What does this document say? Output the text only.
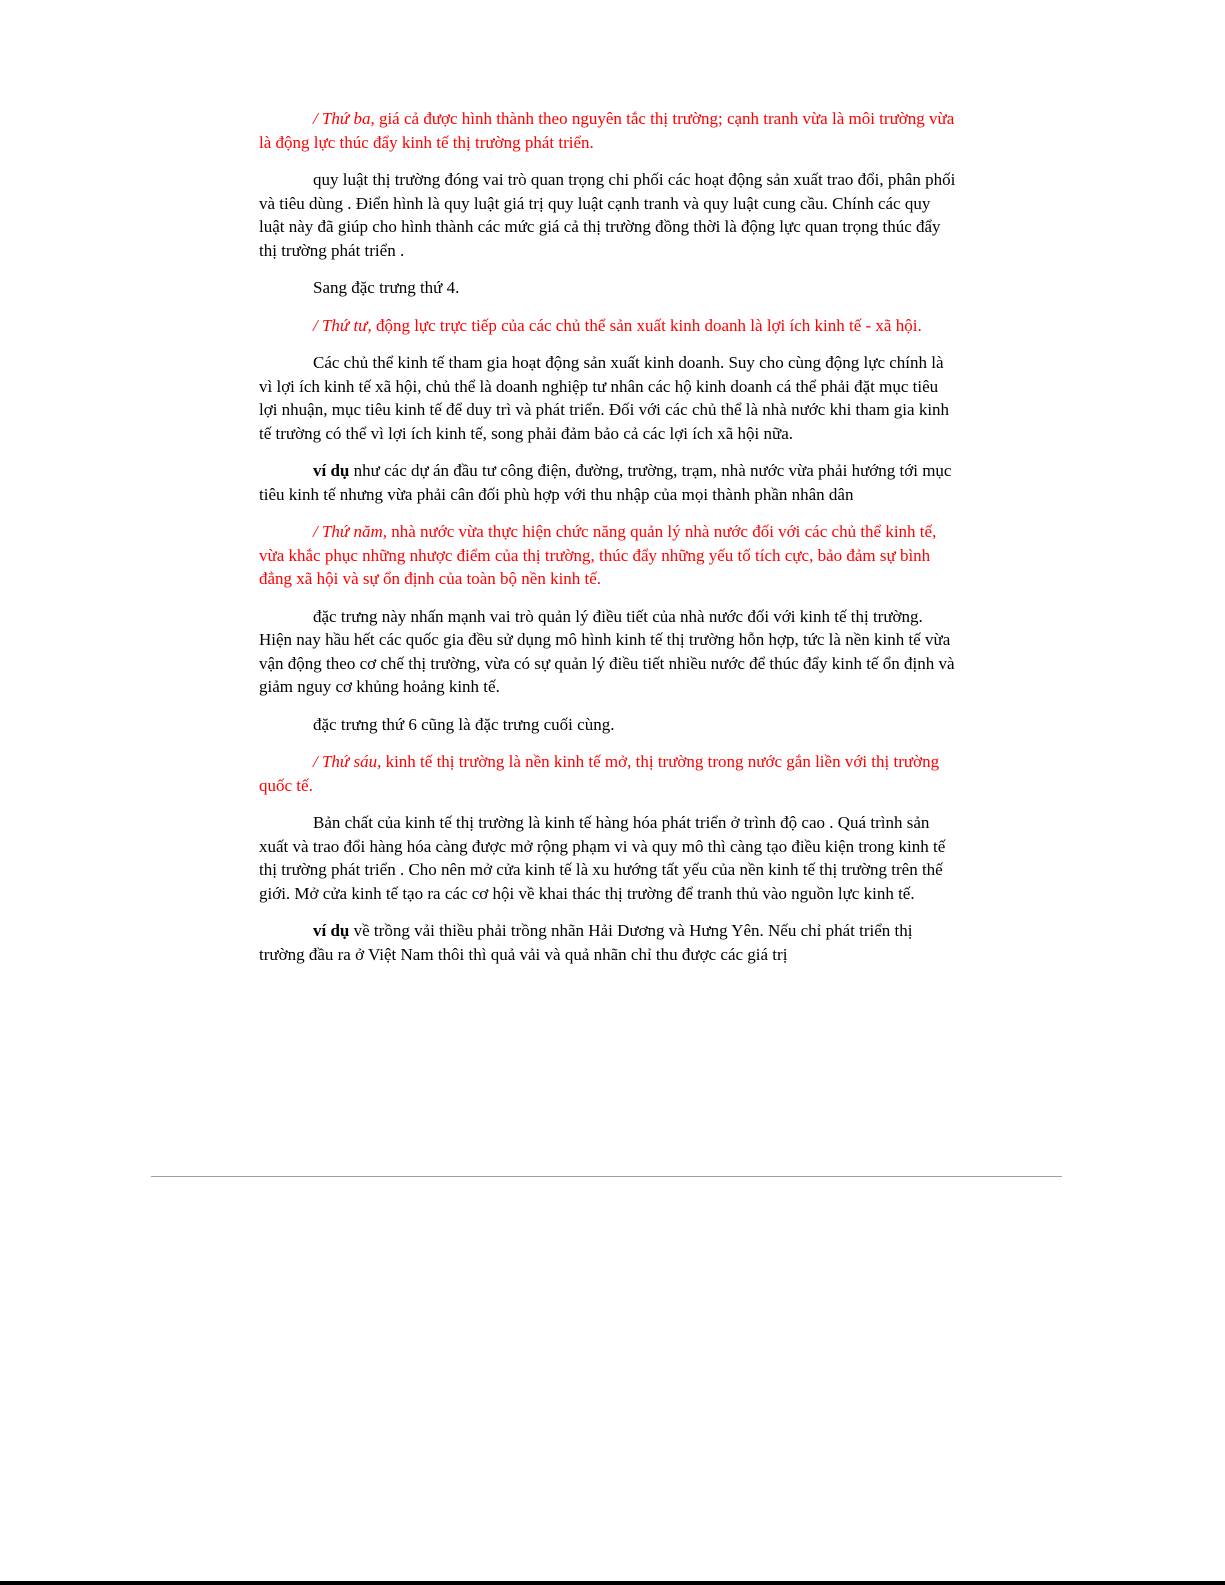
/ Thứ ba, giá cả được hình thành theo nguyên tắc thị trường; cạnh tranh vừa là môi trường vừa là động lực thúc đẩy kinh tế thị trường phát triển.

quy luật thị trường đóng vai trò quan trọng chi phối các hoạt động sản xuất trao đổi, phân phối và tiêu dùng . Điển hình là quy luật giá trị quy luật cạnh tranh và quy luật cung cầu. Chính các quy luật này đã giúp cho hình thành các mức giá cả thị trường đồng thời là động lực quan trọng thúc đẩy thị trường phát triển .

Sang đặc trưng thứ 4.

/ Thứ tư, động lực trực tiếp của các chủ thể sản xuất kinh doanh là lợi ích kinh tế - xã hội.

Các chủ thể kinh tế tham gia hoạt động sản xuất kinh doanh. Suy cho cùng động lực chính là vì lợi ích kinh tế xã hội, chủ thể là doanh nghiệp tư nhân các hộ kinh doanh cá thể phải đặt mục tiêu lợi nhuận, mục tiêu kinh tế để duy trì và phát triển. Đối với các chủ thể là nhà nước khi tham gia kinh tế trường có thể vì lợi ích kinh tế, song phải đảm bảo cả các lợi ích xã hội nữa.

ví dụ như các dự án đầu tư công điện, đường, trường, trạm, nhà nước vừa phải hướng tới mục tiêu kinh tế nhưng vừa phải cân đối phù hợp với thu nhập của mọi thành phần nhân dân

/ Thứ năm, nhà nước vừa thực hiện chức năng quản lý nhà nước đối với các chủ thể kinh tế, vừa khắc phục những nhược điểm của thị trường, thúc đẩy những yếu tố tích cực, bảo đảm sự bình đẳng xã hội và sự ổn định của toàn bộ nền kinh tế.

đặc trưng này nhấn mạnh vai trò quản lý điều tiết của nhà nước đối với kinh tế thị trường. Hiện nay hầu hết các quốc gia đều sử dụng mô hình kinh tế thị trường hỗn hợp, tức là nền kinh tế vừa vận động theo cơ chế thị trường, vừa có sự quản lý điều tiết nhiều nước để thúc đẩy kinh tế ổn định và giảm nguy cơ khủng hoảng kinh tế.

đặc trưng thứ 6 cũng là đặc trưng cuối cùng.

/ Thứ sáu, kinh tế thị trường là nền kinh tế mở, thị trường trong nước gắn liền với thị trường quốc tế.

Bản chất của kinh tế thị trường là kinh tế hàng hóa phát triển ở trình độ cao . Quá trình sản xuất và trao đổi hàng hóa càng được mở rộng phạm vi và quy mô thì càng tạo điều kiện trong kinh tế thị trường phát triển . Cho nên mở cửa kinh tế là xu hướng tất yếu của nền kinh tế thị trường trên thế giới. Mở cửa kinh tế tạo ra các cơ hội về khai thác thị trường để tranh thủ vào nguồn lực kinh tế.

ví dụ về trồng vải thiều phải trồng nhãn Hải Dương và Hưng Yên. Nếu chỉ phát triển thị trường đầu ra ở Việt Nam thôi thì quả vải và quả nhãn chỉ thu được các giá trị
